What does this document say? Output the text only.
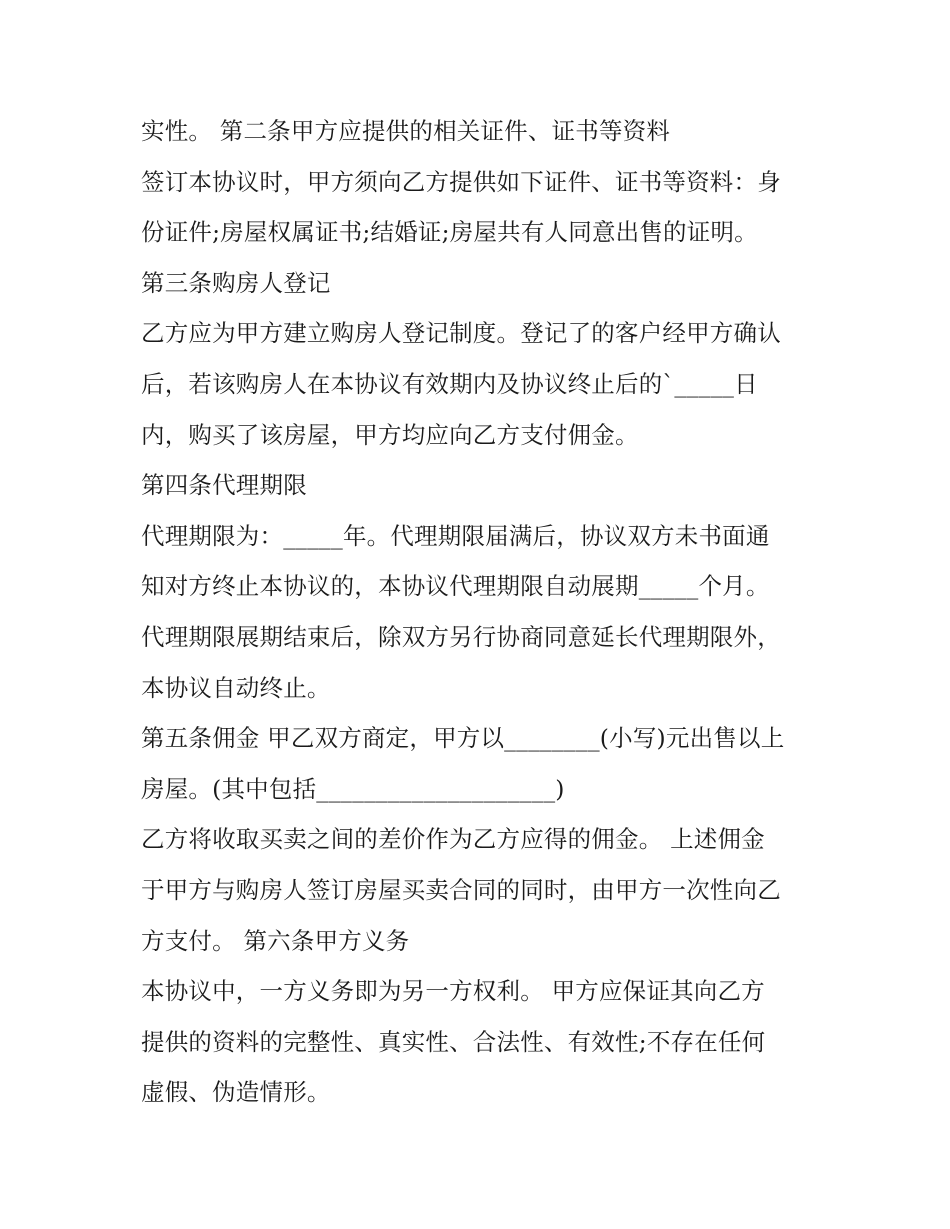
实性。 第二条甲方应提供的相关证件、证书等资料
签订本协议时，甲方须向乙方提供如下证件、证书等资料：身
份证件;房屋权属证书;结婚证;房屋共有人同意出售的证明。
第三条购房人登记
乙方应为甲方建立购房人登记制度。登记了的客户经甲方确认
后，若该购房人在本协议有效期内及协议终止后的`_____日
内，购买了该房屋，甲方均应向乙方支付佣金。
第四条代理期限
代理期限为：_____年。代理期限届满后，协议双方未书面通
知对方终止本协议的，本协议代理期限自动展期_____个月。
代理期限展期结束后，除双方另行协商同意延长代理期限外，
本协议自动终止。
第五条佣金 甲乙双方商定，甲方以________(小写)元出售以上
房屋。(其中包括____________________)
乙方将收取买卖之间的差价作为乙方应得的佣金。 上述佣金
于甲方与购房人签订房屋买卖合同的同时，由甲方一次性向乙
方支付。 第六条甲方义务
本协议中，一方义务即为另一方权利。 甲方应保证其向乙方
提供的资料的完整性、真实性、合法性、有效性;不存在任何
虚假、伪造情形。
